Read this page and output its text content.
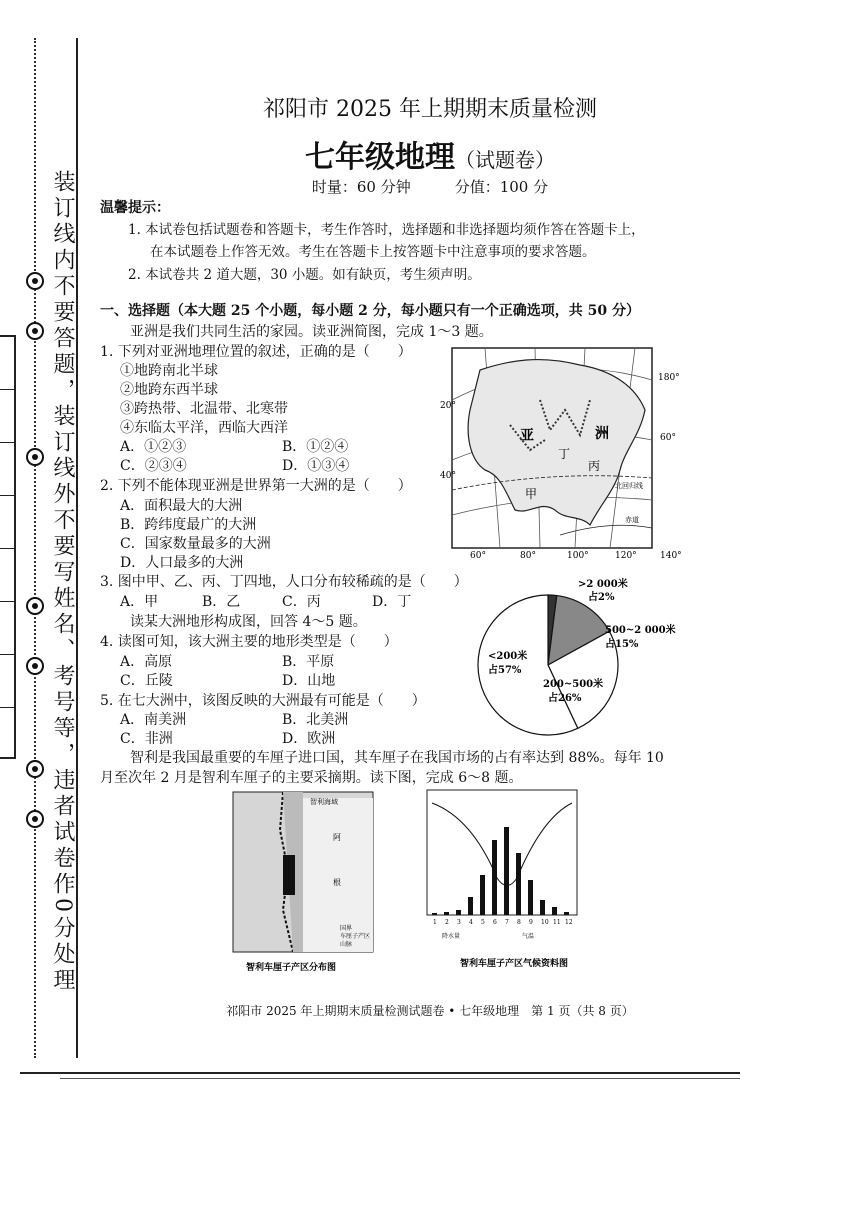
装订线内不要答题，装订线外不要写姓名、考号等，违者试卷作0分处理
祁阳市 2025 年上期期末质量检测
七年级地理（试题卷）
时量：60 分钟	分值：100 分
温馨提示：
1. 本试卷包括试题卷和答题卡，考生作答时，选择题和非选择题均须作答在答题卡上，
在本试题卷上作答无效。考生在答题卡上按答题卡中注意事项的要求答题。
2. 本试卷共 2 道大题，30 小题。如有缺页，考生须声明。
一、选择题（本大题 25 个小题，每小题 2 分，每小题只有一个正确选项，共 50 分）
亚洲是我们共同生活的家园。读亚洲简图，完成 1～3 题。
1. 下列对亚洲地理位置的叙述，正确的是（　　）
①地跨南北半球
②地跨东西半球
③跨热带、北温带、北寒带
④东临太平洋，西临大西洋
A．①②③	B．①②④
C．②③④	D．①③④
2. 下列不能体现亚洲是世界第一大洲的是（　　）
A．面积最大的大洲
B．跨纬度最广的大洲
C．国家数量最多的大洲
D．人口最多的大洲
3. 图中甲、乙、丙、丁四地，人口分布较稀疏的是（　　）
A．甲	B．乙	C．丙	D．丁
读某大洲地形构成图，回答 4～5 题。
4. 读图可知，该大洲主要的地形类型是（　　）
A．高原	B．平原
C．丘陵	D．山地
5. 在七大洲中，该图反映的大洲最有可能是（　　）
A．南美洲	B．北美洲
C．非洲	D．欧洲
智利是我国最重要的车厘子进口国，其车厘子在我国市场的占有率达到 88%。每年 10
月至次年 2 月是智利车厘子的主要采摘期。读下图，完成 6～8 题。
亚	洲
甲
丙
丁
20°
40°
60°
180°
北回归线
赤道
60°	80°	100°	120°	140°
>2 000米
占2%
500~2 000米
占15%
200~500米
占26%
<200米
占57%
智利海域
阿
根
国界
车厘子产区
山脉
智利车厘子产区分布图
1 2 3 4 5 6 7 8 9 10 11 12
降水量	气温
智利车厘子产区气候资料图
祁阳市 2025 年上期期末质量检测试题卷 • 七年级地理　第 1 页（共 8 页）
